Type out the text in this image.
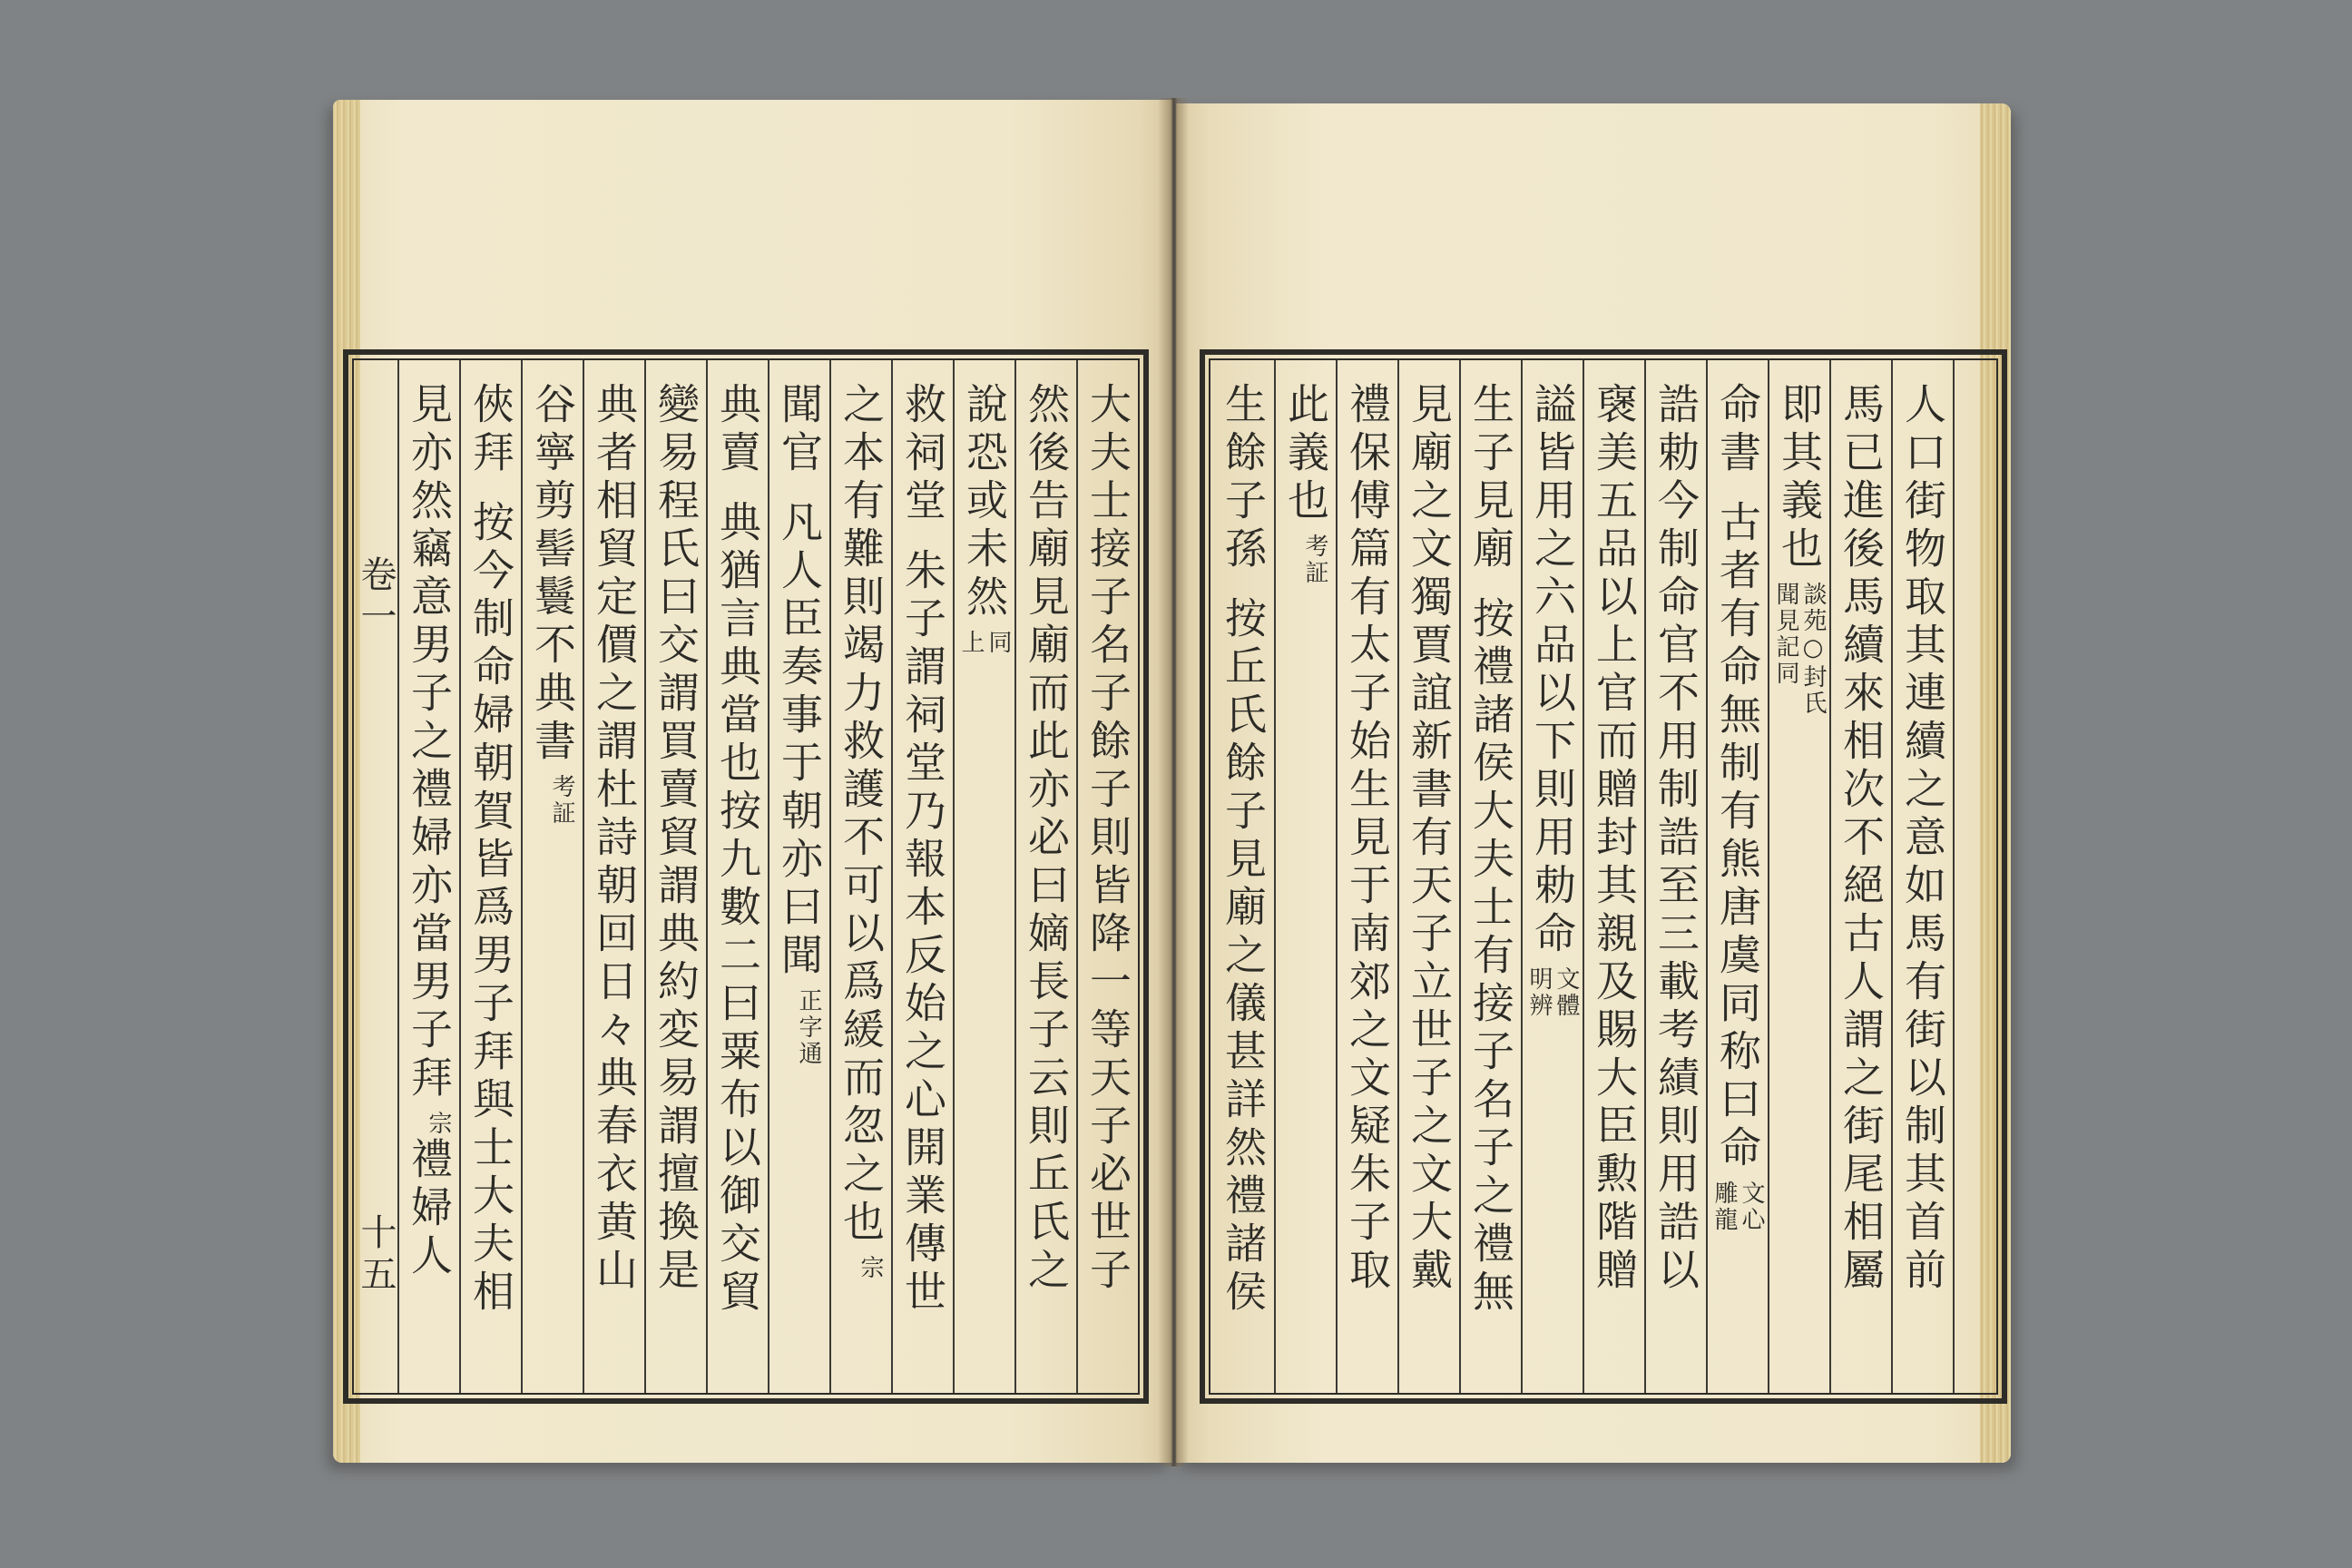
卷一
十五	大夫士接子名子餘子則皆降一等天子必世子
然後告廟見廟而此亦必曰嫡長子云則丘氏之
說恐或未然
同
上
救祠堂
朱子謂祠堂乃報本反始之心開業傳世
之本有難則竭力救護不可以爲緩而忽之也
宗
聞官
凡人臣奏事于朝亦曰聞
正字通
典賣
典猶言典當也按九數二曰粟布以御交貿
變易程氏曰交謂買賣貿謂典約変易謂擅換是
典者相貿定價之謂杜詩朝回日々典春衣黄山
谷寧剪髻鬟不典書
考証
俠拜
按今制命婦朝賀皆爲男子拜與士大夫相
見亦然竊意男子之禮婦亦當男子拜
宗
禮婦人	人口街物取其連續之意如馬有街以制其首前
馬已進後馬續來相次不絕古人謂之街尾相屬
即其義也
談苑○封氏
聞見記同
命書
古者有命無制有熊唐虞同称曰命
文心
雕龍
誥勅今制命官不用制誥至三載考績則用誥以
襃美五品以上官而贈封其親及賜大臣勲階贈
謚皆用之六品以下則用勅命
文體
明辨
生子見廟
按禮諸侯大夫士有接子名子之禮無
見廟之文獨賈誼新書有天子立世子之文大戴
禮保傅篇有太子始生見于南郊之文疑朱子取
此義也
考証
生餘子孫
按丘氏餘子見廟之儀甚詳然禮諸侯
